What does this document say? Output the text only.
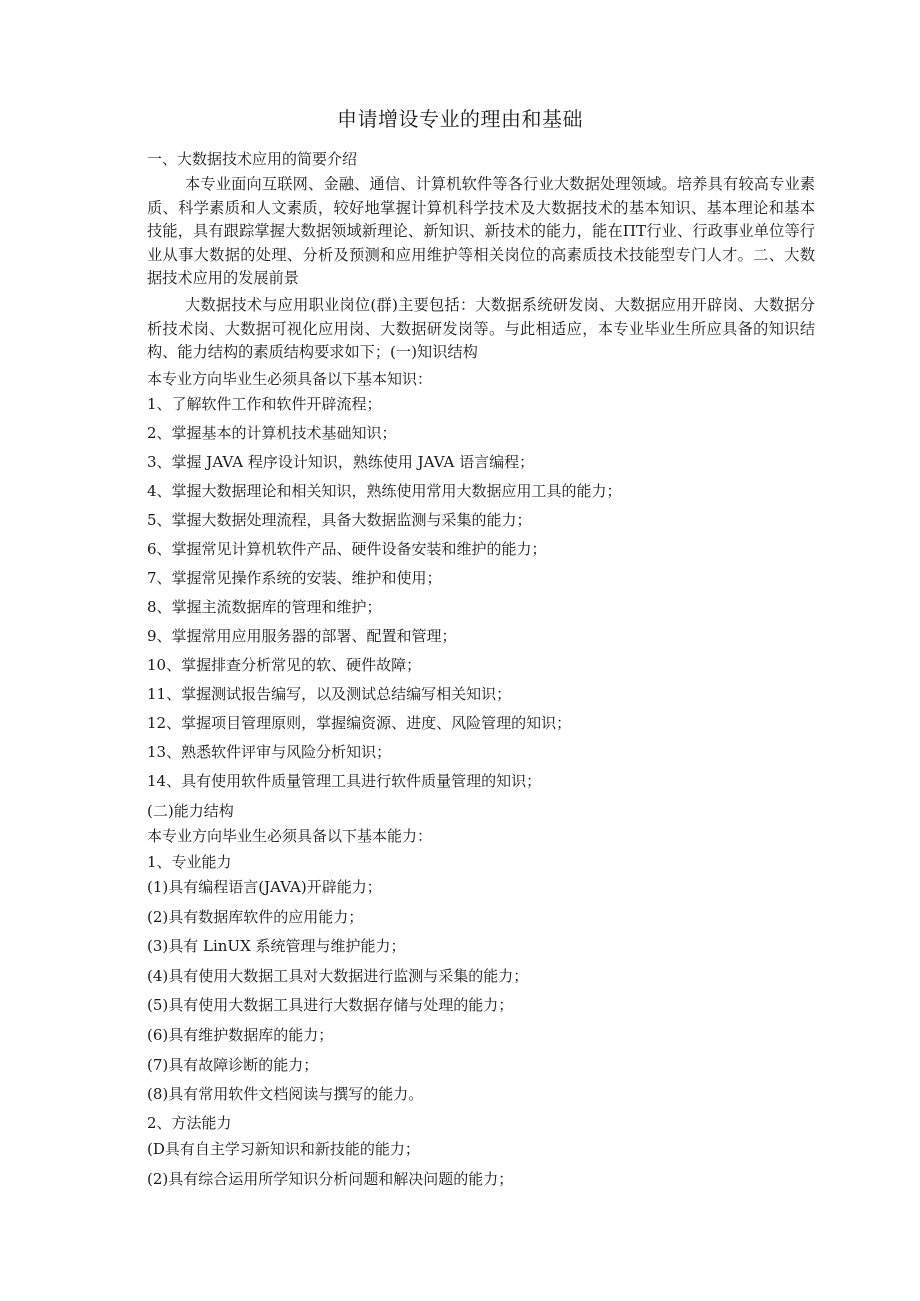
申请增设专业的理由和基础
一、大数据技术应用的简要介绍
本专业面向互联网、金融、通信、计算机软件等各行业大数据处理领域。培养具有较高专业素质、科学素质和人文素质，较好地掌握计算机科学技术及大数据技术的基本知识、基本理论和基本技能，具有跟踪掌握大数据领域新理论、新知识、新技术的能力，能在ΠΤ行业、行政事业单位等行业从事大数据的处理、分析及预测和应用维护等相关岗位的高素质技术技能型专门人才。二、大数据技术应用的发展前景
大数据技术与应用职业岗位(群)主要包括：大数据系统研发岗、大数据应用开辟岗、大数据分析技术岗、大数据可视化应用岗、大数据研发岗等。与此相适应，本专业毕业生所应具备的知识结构、能力结构的素质结构要求如下；(一)知识结构
本专业方向毕业生必须具备以下基本知识：
1、了解软件工作和软件开辟流程；
2、掌握基本的计算机技术基础知识；
3、掌握 JAVA 程序设计知识，熟练使用 JAVA 语言编程；
4、掌握大数据理论和相关知识，熟练使用常用大数据应用工具的能力；
5、掌握大数据处理流程，具备大数据监测与采集的能力；
6、掌握常见计算机软件产品、硬件设备安装和维护的能力；
7、掌握常见操作系统的安装、维护和使用；
8、掌握主流数据库的管理和维护；
9、掌握常用应用服务器的部署、配置和管理；
10、掌握排查分析常见的软、硬件故障；
11、掌握测试报告编写，以及测试总结编写相关知识；
12、掌握项目管理原则，掌握编资源、进度、风险管理的知识；
13、熟悉软件评审与风险分析知识；
14、具有使用软件质量管理工具进行软件质量管理的知识；
(二)能力结构
本专业方向毕业生必须具备以下基本能力：
1、专业能力
(1)具有编程语言(JAVA)开辟能力；
(2)具有数据库软件的应用能力；
(3)具有 LinUX 系统管理与维护能力；
(4)具有使用大数据工具对大数据进行监测与采集的能力；
(5)具有使用大数据工具进行大数据存储与处理的能力；
(6)具有维护数据库的能力；
(7)具有故障诊断的能力；
(8)具有常用软件文档阅读与撰写的能力。
2、方法能力
(D具有自主学习新知识和新技能的能力；
(2)具有综合运用所学知识分析问题和解决问题的能力；
